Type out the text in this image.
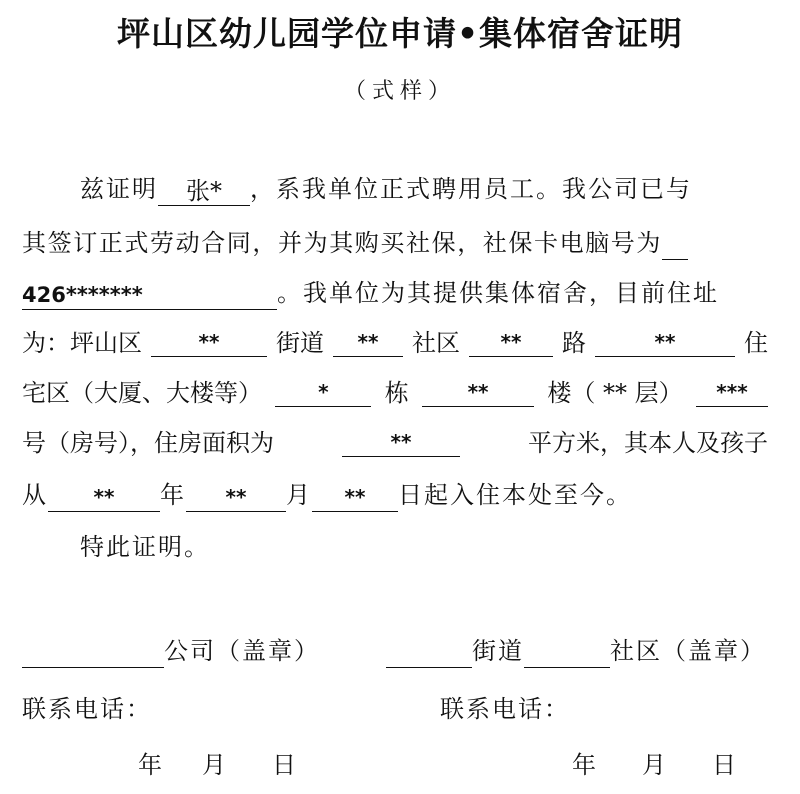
坪山区幼儿园学位申请•集体宿舍证明
（式样）
兹证明 张* ，系我单位正式聘用员工。我公司已与
其签订正式劳动合同，并为其购买社保，社保卡电脑号为
426*******	。我单位为其提供集体宿舍，目前住址
为：坪山区	**	街道	**	社区	**	路	**	住
宅区（大厦、大楼等）	*	栋	**	楼（ ** 层）	***
号（房号），住房面积为	**	平方米，其本人及孩子
从 ** 年 ** 月 ** 日起入住本处至今。
特此证明。
公司（盖章）	街道	社区（盖章）
联系电话：	联系电话：
年 月 日	年 月 日
